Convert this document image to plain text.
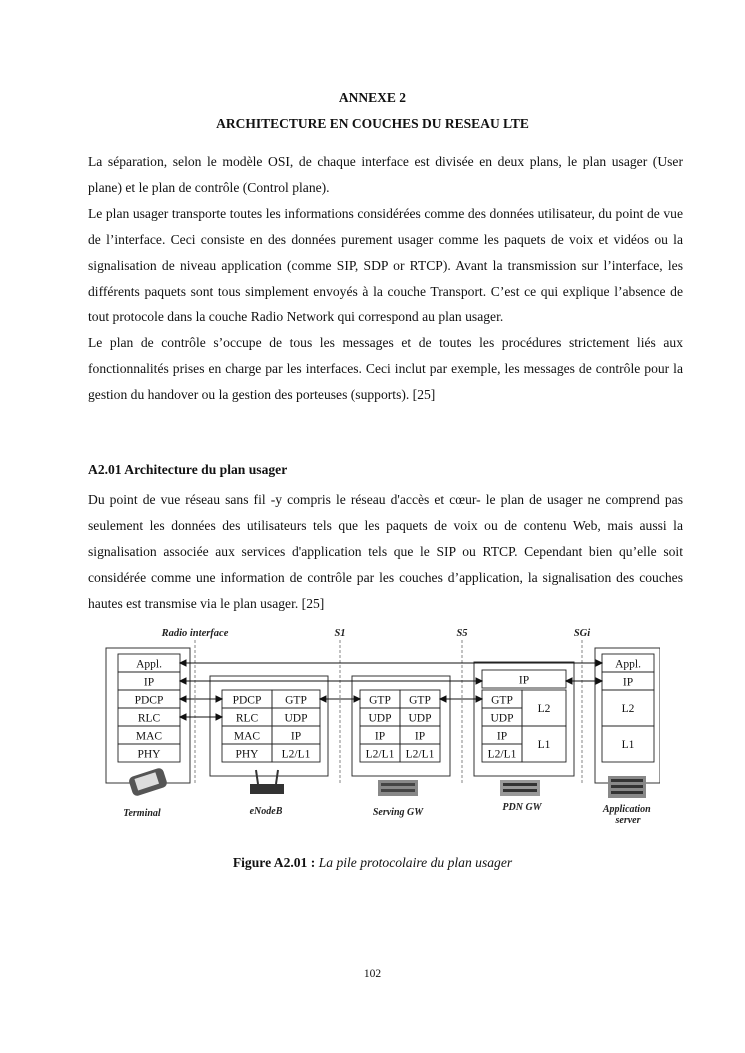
ANNEXE 2
ARCHITECTURE EN COUCHES DU RESEAU LTE

La séparation, selon le modèle OSI, de chaque interface est divisée en deux plans, le plan usager (User plane) et le plan de contrôle (Control plane).

Le plan usager transporte toutes les informations considérées comme des données utilisateur, du point de vue de l’interface. Ceci consiste en des données purement usager comme les paquets de voix et vidéos ou la signalisation de niveau application (comme SIP, SDP or RTCP). Avant la transmission sur l’interface, les différents paquets sont tous simplement envoyés à la couche Transport. C’est ce qui explique l’absence de tout protocole dans la couche Radio Network qui correspond au plan usager.

Le plan de contrôle s’occupe de tous les messages et de toutes les procédures strictement liés aux fonctionnalités prises en charge par les interfaces. Ceci inclut par exemple, les messages de contrôle pour la gestion du handover ou la gestion des porteuses (supports). [25]

A2.01 Architecture du plan usager

Du point de vue réseau sans fil -y compris le réseau d'accès et cœur- le plan de usager ne comprend pas seulement les données des utilisateurs tels que les paquets de voix ou de contenu Web, mais aussi la signalisation associée aux services d'application tels que le SIP ou RTCP. Cependant bien qu’elle soit considérée comme une information de contrôle par les couches d’application, la signalisation des couches hautes est transmise via le plan usager. [25]

Radio interface	S1	S5	SGi
Appl.
IP
PDCP
RLC
MAC
PHY
PDCP
RLC
MAC
PHY
GTP
UDP
IP
L2/L1
GTP
UDP
IP
L2/L1
GTP
UDP
IP
L2/L1
IP
GTP
UDP
IP
L2/L1
L2
L1
Appl.
IP
L2
L1
Terminal	eNodeB	Serving GW	PDN GW	Application server
Figure A2.01 : La pile protocolaire du plan usager
102
